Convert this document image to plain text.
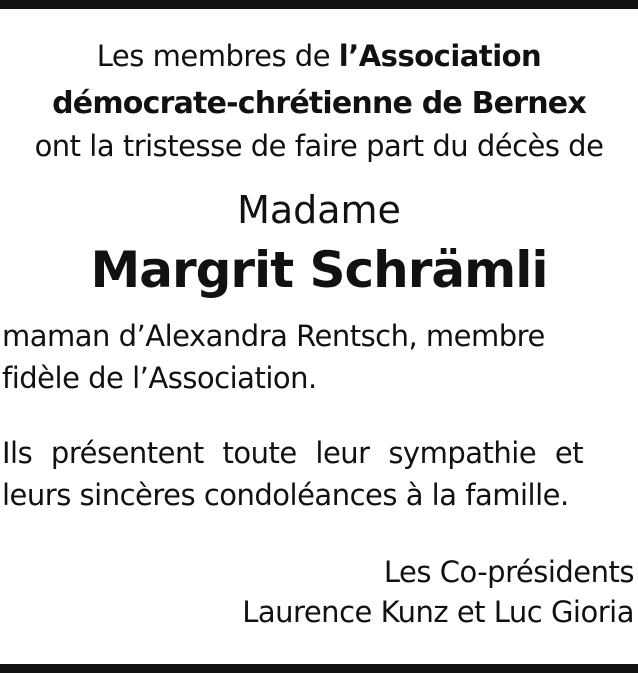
Les membres de l’Association
démocrate-chrétienne de Bernex
ont la tristesse de faire part du décès de
Madame
Margrit Schrämli
maman d’Alexandra Rentsch, membre
fidèle de l’Association.
Ils présentent toute leur sympathie et
leurs sincères condoléances à la famille.
Les Co-présidents
Laurence Kunz et Luc Gioria
